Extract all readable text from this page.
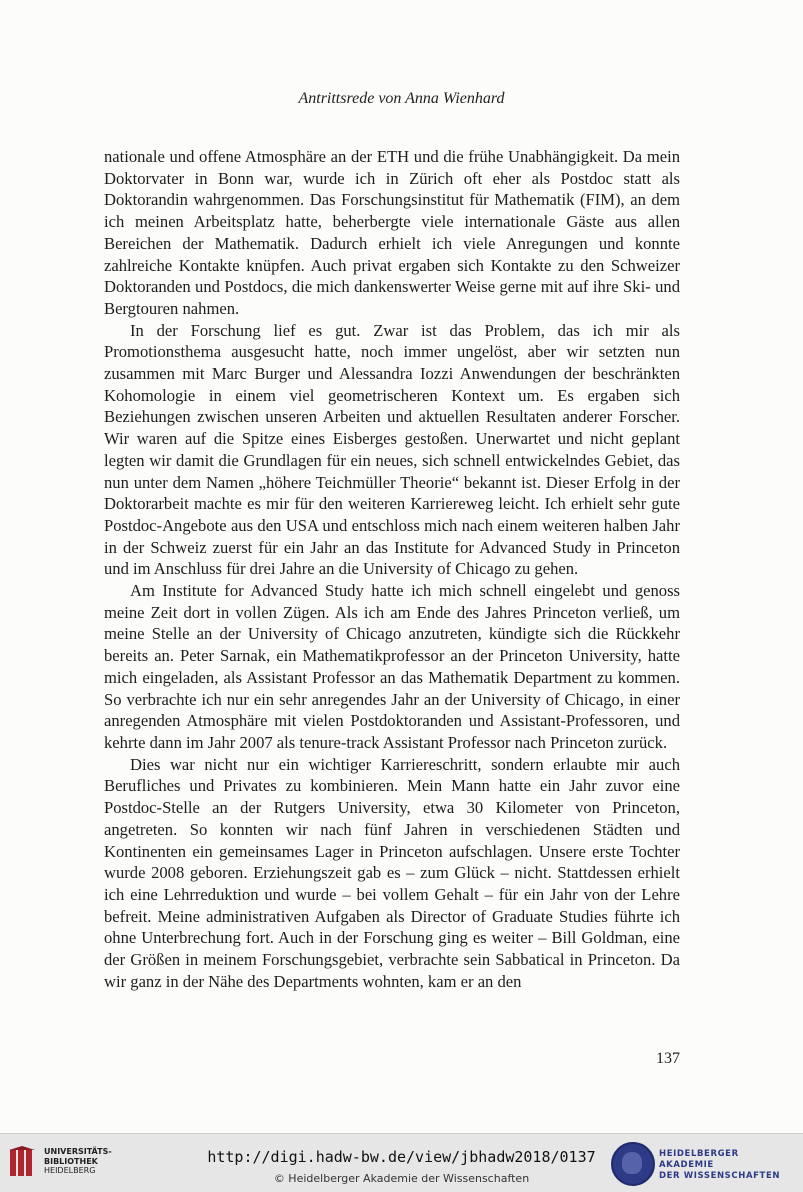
Antrittsrede von Anna Wienhard

nationale und offene Atmosphäre an der ETH und die frühe Unabhängigkeit. Da mein Doktorvater in Bonn war, wurde ich in Zürich oft eher als Postdoc statt als Doktorandin wahrgenommen. Das Forschungsinstitut für Mathematik (FIM), an dem ich meinen Arbeitsplatz hatte, beherbergte viele internationale Gäste aus allen Bereichen der Mathematik. Dadurch erhielt ich viele Anregungen und konnte zahlreiche Kontakte knüpfen. Auch privat ergaben sich Kontakte zu den Schweizer Doktoranden und Postdocs, die mich dankenswerter Weise gerne mit auf ihre Ski- und Bergtouren nahmen.

In der Forschung lief es gut. Zwar ist das Problem, das ich mir als Promotionsthema ausgesucht hatte, noch immer ungelöst, aber wir setzten nun zusammen mit Marc Burger und Alessandra Iozzi Anwendungen der beschränkten Kohomologie in einem viel geometrischeren Kontext um. Es ergaben sich Beziehungen zwischen unseren Arbeiten und aktuellen Resultaten anderer Forscher. Wir waren auf die Spitze eines Eisberges gestoßen. Unerwartet und nicht geplant legten wir damit die Grundlagen für ein neues, sich schnell entwickelndes Gebiet, das nun unter dem Namen „höhere Teichmüller Theorie“ bekannt ist. Dieser Erfolg in der Doktorarbeit machte es mir für den weiteren Karriereweg leicht. Ich erhielt sehr gute Postdoc-Angebote aus den USA und entschloss mich nach einem weiteren halben Jahr in der Schweiz zuerst für ein Jahr an das Institute for Advanced Study in Princeton und im Anschluss für drei Jahre an die University of Chicago zu gehen.

Am Institute for Advanced Study hatte ich mich schnell eingelebt und genoss meine Zeit dort in vollen Zügen. Als ich am Ende des Jahres Princeton verließ, um meine Stelle an der University of Chicago anzutreten, kündigte sich die Rückkehr bereits an. Peter Sarnak, ein Mathematikprofessor an der Princeton University, hatte mich eingeladen, als Assistant Professor an das Mathematik Department zu kommen. So verbrachte ich nur ein sehr anregendes Jahr an der University of Chicago, in einer anregenden Atmosphäre mit vielen Postdoktoranden und Assistant-Professoren, und kehrte dann im Jahr 2007 als tenure-track Assistant Professor nach Princeton zurück.

Dies war nicht nur ein wichtiger Karriereschritt, sondern erlaubte mir auch Berufliches und Privates zu kombinieren. Mein Mann hatte ein Jahr zuvor eine Postdoc-Stelle an der Rutgers University, etwa 30 Kilometer von Princeton, angetreten. So konnten wir nach fünf Jahren in verschiedenen Städten und Kontinenten ein gemeinsames Lager in Princeton aufschlagen. Unsere erste Tochter wurde 2008 geboren. Erziehungszeit gab es – zum Glück – nicht. Stattdessen erhielt ich eine Lehrreduktion und wurde – bei vollem Gehalt – für ein Jahr von der Lehre befreit. Meine administrativen Aufgaben als Director of Graduate Studies führte ich ohne Unterbrechung fort. Auch in der Forschung ging es weiter – Bill Goldman, eine der Größen in meinem Forschungsgebiet, verbrachte sein Sabbatical in Princeton. Da wir ganz in der Nähe des Departments wohnten, kam er an den

137
UNIVERSITÄTS-
BIBLIOTHEK
HEIDELBERG
http://digi.hadw-bw.de/view/jbhadw2018/0137
© Heidelberger Akademie der Wissenschaften
HEIDELBERGER AKADEMIE
DER WISSENSCHAFTEN
